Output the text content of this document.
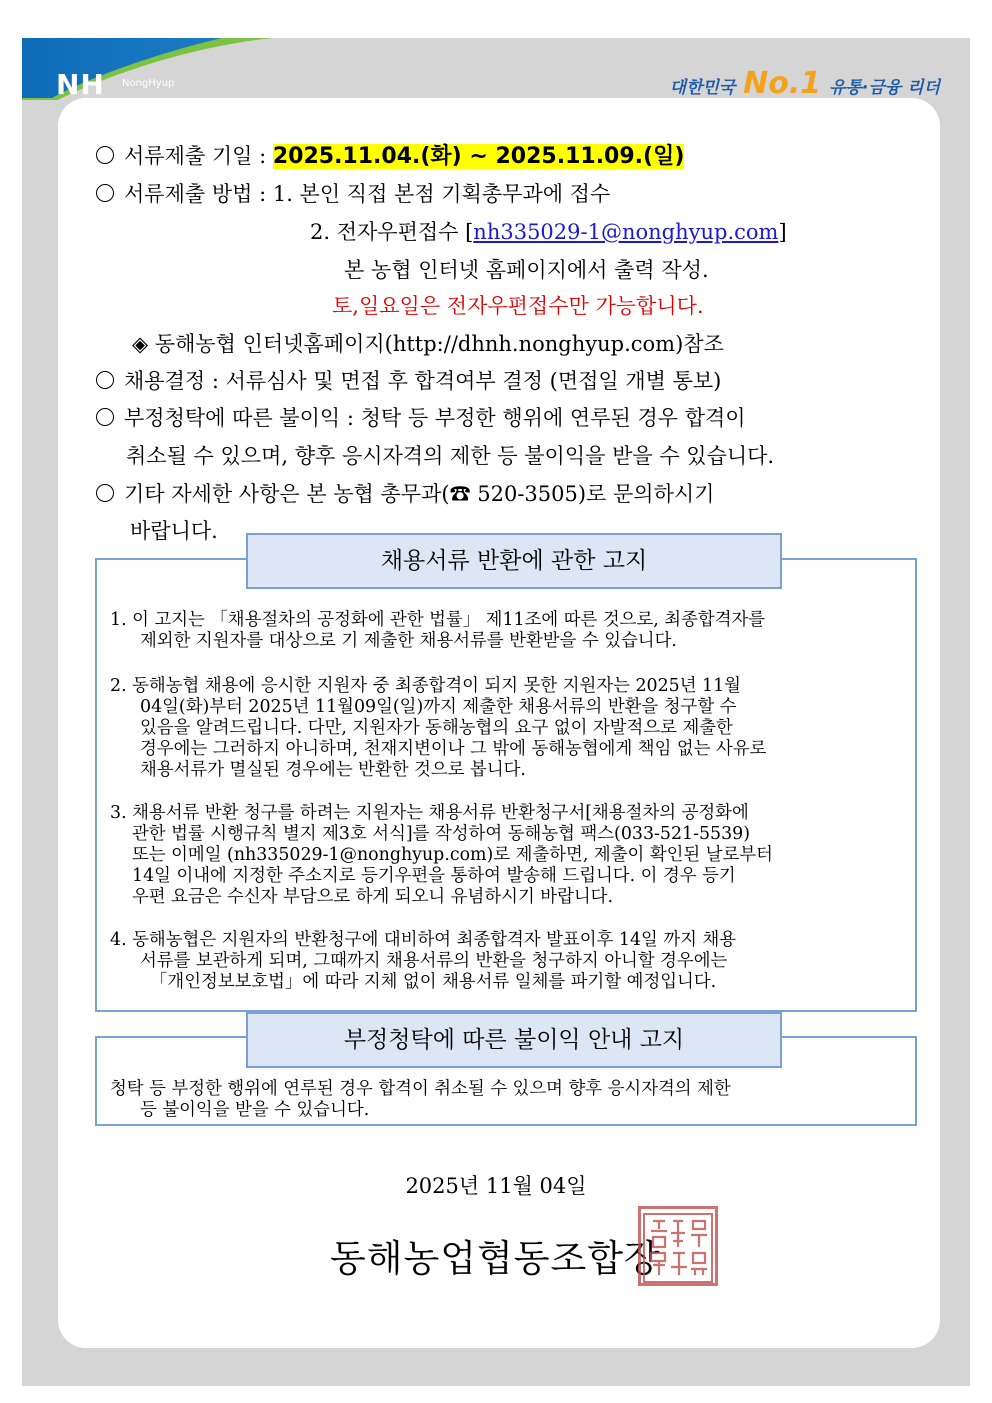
NH NongHyup	대한민국 No.1 유통·금융 리더
서류제출 기일 : 2025.11.04.(화) ~ 2025.11.09.(일)
서류제출 방법 : 1. 본인 직접 본점 기획총무과에 접수
2. 전자우편접수 [nh335029-1@nonghyup.com]
본 농협 인터넷 홈페이지에서 출력 작성.
토,일요일은 전자우편접수만 가능합니다.
◈ 동해농협 인터넷홈페이지(http://dhnh.nonghyup.com)참조
채용결정 : 서류심사 및 면접 후 합격여부 결정 (면접일 개별 통보)
부정청탁에 따른 불이익 : 청탁 등 부정한 행위에 연루된 경우 합격이
취소될 수 있으며, 향후 응시자격의 제한 등 불이익을 받을 수 있습니다.
기타 자세한 사항은 본 농협 총무과(☎ 520-3505)로 문의하시기
바랍니다.
채용서류 반환에 관한 고지

1. 이 고지는 「채용절차의 공정화에 관한 법률」 제11조에 따른 것으로, 최종합격자를

제외한 지원자를 대상으로 기 제출한 채용서류를 반환받을 수 있습니다.

2. 동해농협 채용에 응시한 지원자 중 최종합격이 되지 못한 지원자는 2025년 11월

04일(화)부터 2025년 11월09일(일)까지 제출한 채용서류의 반환을 청구할 수

있음을 알려드립니다. 다만, 지원자가 동해농협의 요구 없이 자발적으로 제출한

경우에는 그러하지 아니하며, 천재지변이나 그 밖에 동해농협에게 책임 없는 사유로

채용서류가 멸실된 경우에는 반환한 것으로 봅니다.

3. 채용서류 반환 청구를 하려는 지원자는 채용서류 반환청구서[채용절차의 공정화에

관한 법률 시행규칙 별지 제3호 서식]를 작성하여 동해농협 팩스(033-521-5539)

또는 이메일 (nh335029-1@nonghyup.com)로 제출하면, 제출이 확인된 날로부터

14일 이내에 지정한 주소지로 등기우편을 통하여 발송해 드립니다. 이 경우 등기

우편 요금은 수신자 부담으로 하게 되오니 유념하시기 바랍니다.

4. 동해농협은 지원자의 반환청구에 대비하여 최종합격자 발표이후 14일 까지 채용

서류를 보관하게 되며, 그때까지 채용서류의 반환을 청구하지 아니할 경우에는

「개인정보보호법」에 따라 지체 없이 채용서류 일체를 파기할 예정입니다.

부정청탁에 따른 불이익 안내 고지

청탁 등 부정한 행위에 연루된 경우 합격이 취소될 수 있으며 향후 응시자격의 제한

등 불이익을 받을 수 있습니다.

2025년 11월 04일
동해농업협동조합장
